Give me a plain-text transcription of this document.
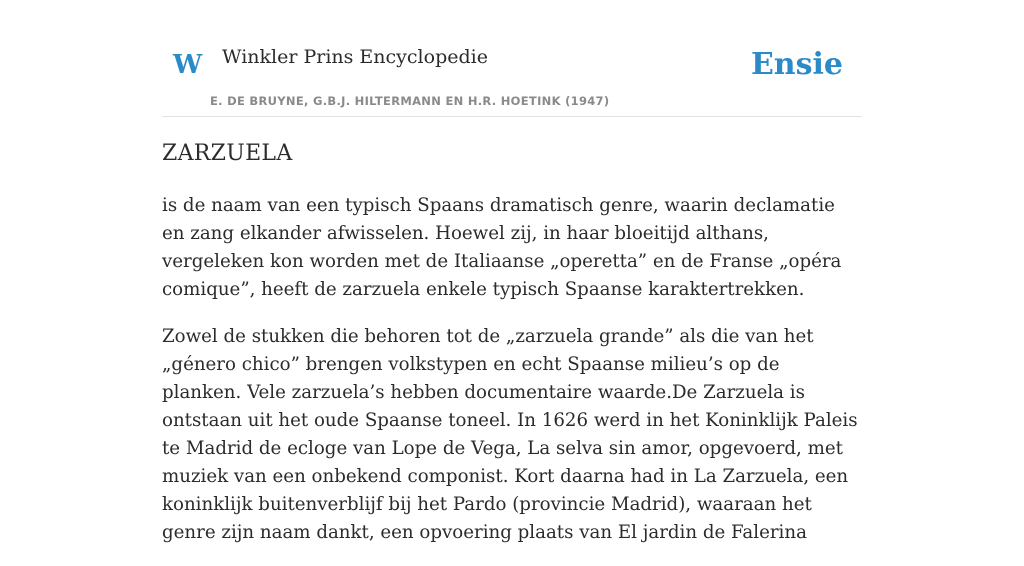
W Winkler Prins Encyclopedie
E. DE BRUYNE, G.B.J. HILTERMANN EN H.R. HOETINK (1947)
Ensie
ZARZUELA

is de naam van een typisch Spaans dramatisch genre, waarin declamatie en zang elkander afwisselen. Hoewel zij, in haar bloeitijd althans, vergeleken kon worden met de Italiaanse „operetta” en de Franse „opéra comique”, heeft de zarzuela enkele typisch Spaanse karaktertrekken.

Zowel de stukken die behoren tot de „zarzuela grande” als die van het „género chico” brengen volkstypen en echt Spaanse milieu’s op de planken. Vele zarzuela’s hebben documentaire waarde.De Zarzuela is ontstaan uit het oude Spaanse toneel. In 1626 werd in het Koninklijk Paleis te Madrid de ecloge van Lope de Vega, La selva sin amor, opgevoerd, met muziek van een onbekend componist. Kort daarna had in La Zarzuela, een koninklijk buitenverblijf bij het Pardo (provincie Madrid), waaraan het genre zijn naam dankt, een opvoering plaats van El jardin de Falerina
